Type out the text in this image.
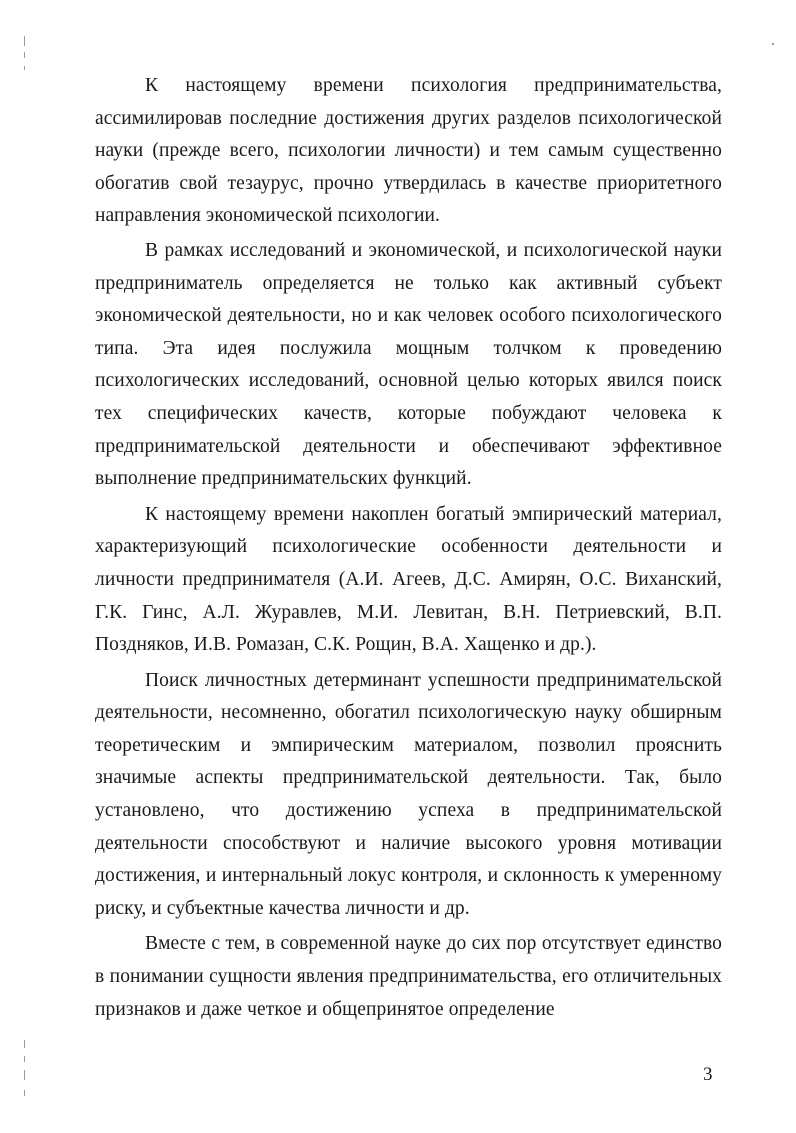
К настоящему времени психология предпринимательства, ассимилировав последние достижения других разделов психологической науки (прежде всего, психологии личности) и тем самым существенно обогатив свой тезаурус, прочно утвердилась в качестве приоритетного направления экономической психологии.

В рамках исследований и экономической, и психологической науки предприниматель определяется не только как активный субъект экономической деятельности, но и как человек особого психологического типа. Эта идея послужила мощным толчком к проведению психологических исследований, основной целью которых явился поиск тех специфических качеств, которые побуждают человека к предпринимательской деятельности и обеспечивают эффективное выполнение предпринимательских функций.

К настоящему времени накоплен богатый эмпирический материал, характеризующий психологические особенности деятельности и личности предпринимателя (А.И. Агеев, Д.С. Амирян, О.С. Виханский, Г.К. Гинс, А.Л. Журавлев, М.И. Левитан, В.Н. Петриевский, В.П. Поздняков, И.В. Ромазан, С.К. Рощин, В.А. Хащенко и др.).

Поиск личностных детерминант успешности предпринимательской деятельности, несомненно, обогатил психологическую науку обширным теоретическим и эмпирическим материалом, позволил прояснить значимые аспекты предпринимательской деятельности. Так, было установлено, что достижению успеха в предпринимательской деятельности способствуют и наличие высокого уровня мотивации достижения, и интернальный локус контроля, и склонность к умеренному риску, и субъектные качества личности и др.

Вместе с тем, в современной науке до сих пор отсутствует единство в понимании сущности явления предпринимательства, его отличительных признаков и даже четкое и общепринятое определение

3
